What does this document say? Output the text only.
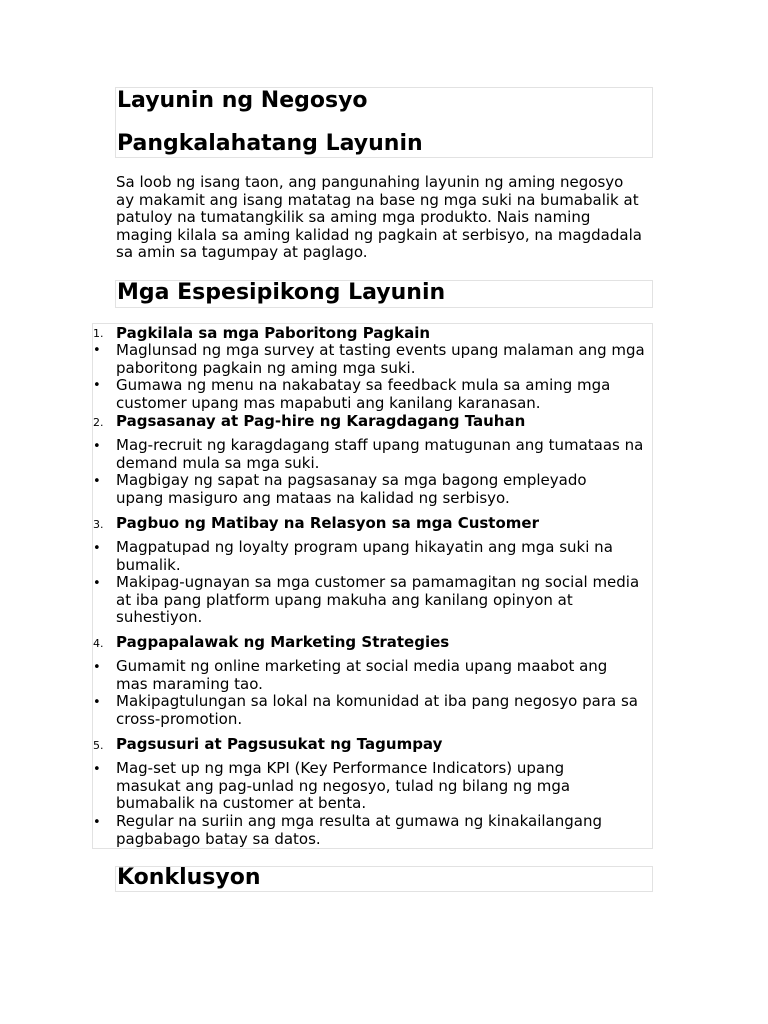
Layunin ng Negosyo
Pangkalahatang Layunin

Sa loob ng isang taon, ang pangunahing layunin ng aming negosyo ay makamit ang isang matatag na base ng mga suki na bumabalik at patuloy na tumatangkilik sa aming mga produkto. Nais naming maging kilala sa aming kalidad ng pagkain at serbisyo, na magdadala sa amin sa tagumpay at paglago.

Mga Espesipikong Layunin
1. Pagkilala sa mga Paboritong Pagkain

• Maglunsad ng mga survey at tasting events upang malaman ang mga paboritong pagkain ng aming mga suki.

• Gumawa ng menu na nakabatay sa feedback mula sa aming mga customer upang mas mapabuti ang kanilang karanasan.

2. Pagsasanay at Pag-hire ng Karagdagang Tauhan

• Mag-recruit ng karagdagang staff upang matugunan ang tumataas na demand mula sa mga suki.

• Magbigay ng sapat na pagsasanay sa mga bagong empleyado upang masiguro ang mataas na kalidad ng serbisyo.

3. Pagbuo ng Matibay na Relasyon sa mga Customer

• Magpatupad ng loyalty program upang hikayatin ang mga suki na bumalik.

• Makipag-ugnayan sa mga customer sa pamamagitan ng social media at iba pang platform upang makuha ang kanilang opinyon at suhestiyon.

4. Pagpapalawak ng Marketing Strategies

• Gumamit ng online marketing at social media upang maabot ang mas maraming tao.

• Makipagtulungan sa lokal na komunidad at iba pang negosyo para sa cross-promotion.

5. Pagsusuri at Pagsusukat ng Tagumpay

• Mag-set up ng mga KPI (Key Performance Indicators) upang masukat ang pag-unlad ng negosyo, tulad ng bilang ng mga bumabalik na customer at benta.

• Regular na suriin ang mga resulta at gumawa ng kinakailangang pagbabago batay sa datos.

Konklusyon
